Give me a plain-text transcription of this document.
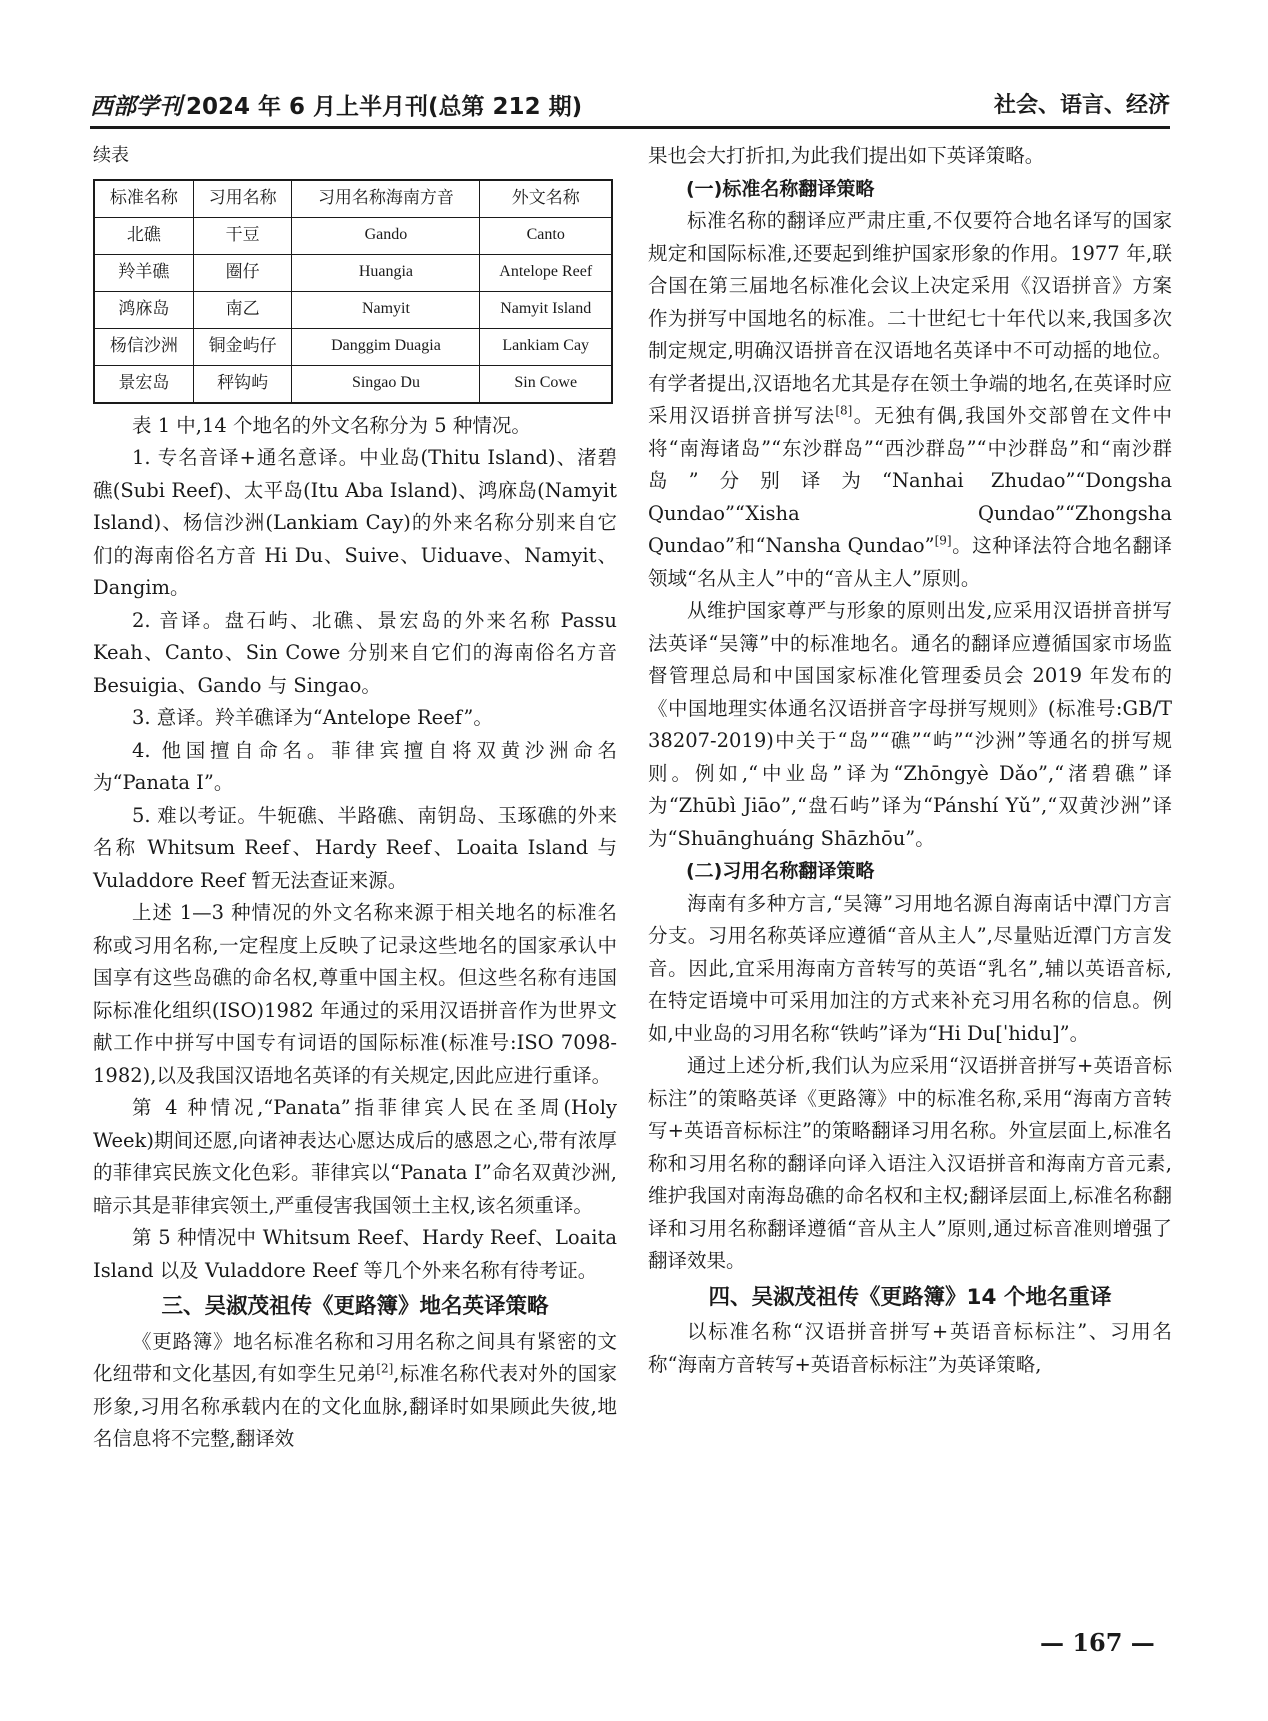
西部学刊 2024 年 6 月上半月刊(总第 212 期)	社会、语言、经济
续表
标准名称	习用名称	习用名称海南方音	外文名称
北礁	干豆	Gando	Canto
羚羊礁	圈仔	Huangia	Antelope Reef
鸿庥岛	南乙	Namyit	Namyit Island
杨信沙洲	铜金屿仔	Danggim Duagia	Lankiam Cay
景宏岛	秤钩屿	Singao Du	Sin Cowe

表 1 中,14 个地名的外文名称分为 5 种情况。

1. 专名音译+通名意译。中业岛(Thitu Island)、渚碧礁(Subi Reef)、太平岛(Itu Aba Island)、鸿庥岛(Namyit Island)、杨信沙洲(Lankiam Cay)的外来名称分别来自它们的海南俗名方音 Hi Du、Suive、Uiduave、Namyit、Dangim。

2. 音译。盘石屿、北礁、景宏岛的外来名称 Passu Keah、Canto、Sin Cowe 分别来自它们的海南俗名方音 Besuigia、Gando 与 Singao。

3. 意译。羚羊礁译为“Antelope Reef”。

4. 他国擅自命名。菲律宾擅自将双黄沙洲命名为“Panata I”。

5. 难以考证。牛轭礁、半路礁、南钥岛、玉琢礁的外来名称 Whitsum Reef、Hardy Reef、Loaita Island 与 Vuladdore Reef 暂无法查证来源。

上述 1—3 种情况的外文名称来源于相关地名的标准名称或习用名称,一定程度上反映了记录这些地名的国家承认中国享有这些岛礁的命名权,尊重中国主权。但这些名称有违国际标准化组织(ISO)1982 年通过的采用汉语拼音作为世界文献工作中拼写中国专有词语的国际标准(标准号:ISO 7098-1982),以及我国汉语地名英译的有关规定,因此应进行重译。

第 4 种情况,“Panata”指菲律宾人民在圣周(Holy Week)期间还愿,向诸神表达心愿达成后的感恩之心,带有浓厚的菲律宾民族文化色彩。菲律宾以“Panata I”命名双黄沙洲,暗示其是菲律宾领土,严重侵害我国领土主权,该名须重译。

第 5 种情况中 Whitsum Reef、Hardy Reef、Loaita Island 以及 Vuladdore Reef 等几个外来名称有待考证。

三、吴淑茂祖传《更路簿》地名英译策略

《更路簿》地名标准名称和习用名称之间具有紧密的文化纽带和文化基因,有如孪生兄弟[2],标准名称代表对外的国家形象,习用名称承载内在的文化血脉,翻译时如果顾此失彼,地名信息将不完整,翻译效

果也会大打折扣,为此我们提出如下英译策略。

(一)标准名称翻译策略

标准名称的翻译应严肃庄重,不仅要符合地名译写的国家规定和国际标准,还要起到维护国家形象的作用。1977 年,联合国在第三届地名标准化会议上决定采用《汉语拼音》方案作为拼写中国地名的标准。二十世纪七十年代以来,我国多次制定规定,明确汉语拼音在汉语地名英译中不可动摇的地位。有学者提出,汉语地名尤其是存在领土争端的地名,在英译时应采用汉语拼音拼写法[8]。无独有偶,我国外交部曾在文件中将“南海诸岛”“东沙群岛”“西沙群岛”“中沙群岛”和“南沙群岛”分别译为“Nanhai Zhudao”“Dongsha Qundao”“Xisha Qundao”“Zhongsha Qundao”和“Nansha Qundao”[9]。这种译法符合地名翻译领域“名从主人”中的“音从主人”原则。

从维护国家尊严与形象的原则出发,应采用汉语拼音拼写法英译“吴簿”中的标准地名。通名的翻译应遵循国家市场监督管理总局和中国国家标准化管理委员会 2019 年发布的《中国地理实体通名汉语拼音字母拼写规则》(标准号:GB/T 38207-2019)中关于“岛”“礁”“屿”“沙洲”等通名的拼写规则。例如,“中业岛”译为“Zhōngyè Dǎo”,“渚碧礁”译为“Zhūbì Jiāo”,“盘石屿”译为“Pánshí Yǔ”,“双黄沙洲”译为“Shuānghuáng Shāzhōu”。

(二)习用名称翻译策略

海南有多种方言,“吴簿”习用地名源自海南话中潭门方言分支。习用名称英译应遵循“音从主人”,尽量贴近潭门方言发音。因此,宜采用海南方音转写的英语“乳名”,辅以英语音标,在特定语境中可采用加注的方式来补充习用名称的信息。例如,中业岛的习用名称“铁屿”译为“Hi Du[ˈhidu]”。

通过上述分析,我们认为应采用“汉语拼音拼写+英语音标标注”的策略英译《更路簿》中的标准名称,采用“海南方音转写+英语音标标注”的策略翻译习用名称。外宣层面上,标准名称和习用名称的翻译向译入语注入汉语拼音和海南方音元素,维护我国对南海岛礁的命名权和主权;翻译层面上,标准名称翻译和习用名称翻译遵循“音从主人”原则,通过标音准则增强了翻译效果。

四、吴淑茂祖传《更路簿》14 个地名重译

以标准名称“汉语拼音拼写+英语音标标注”、习用名称“海南方音转写+英语音标标注”为英译策略,

— 167 —
